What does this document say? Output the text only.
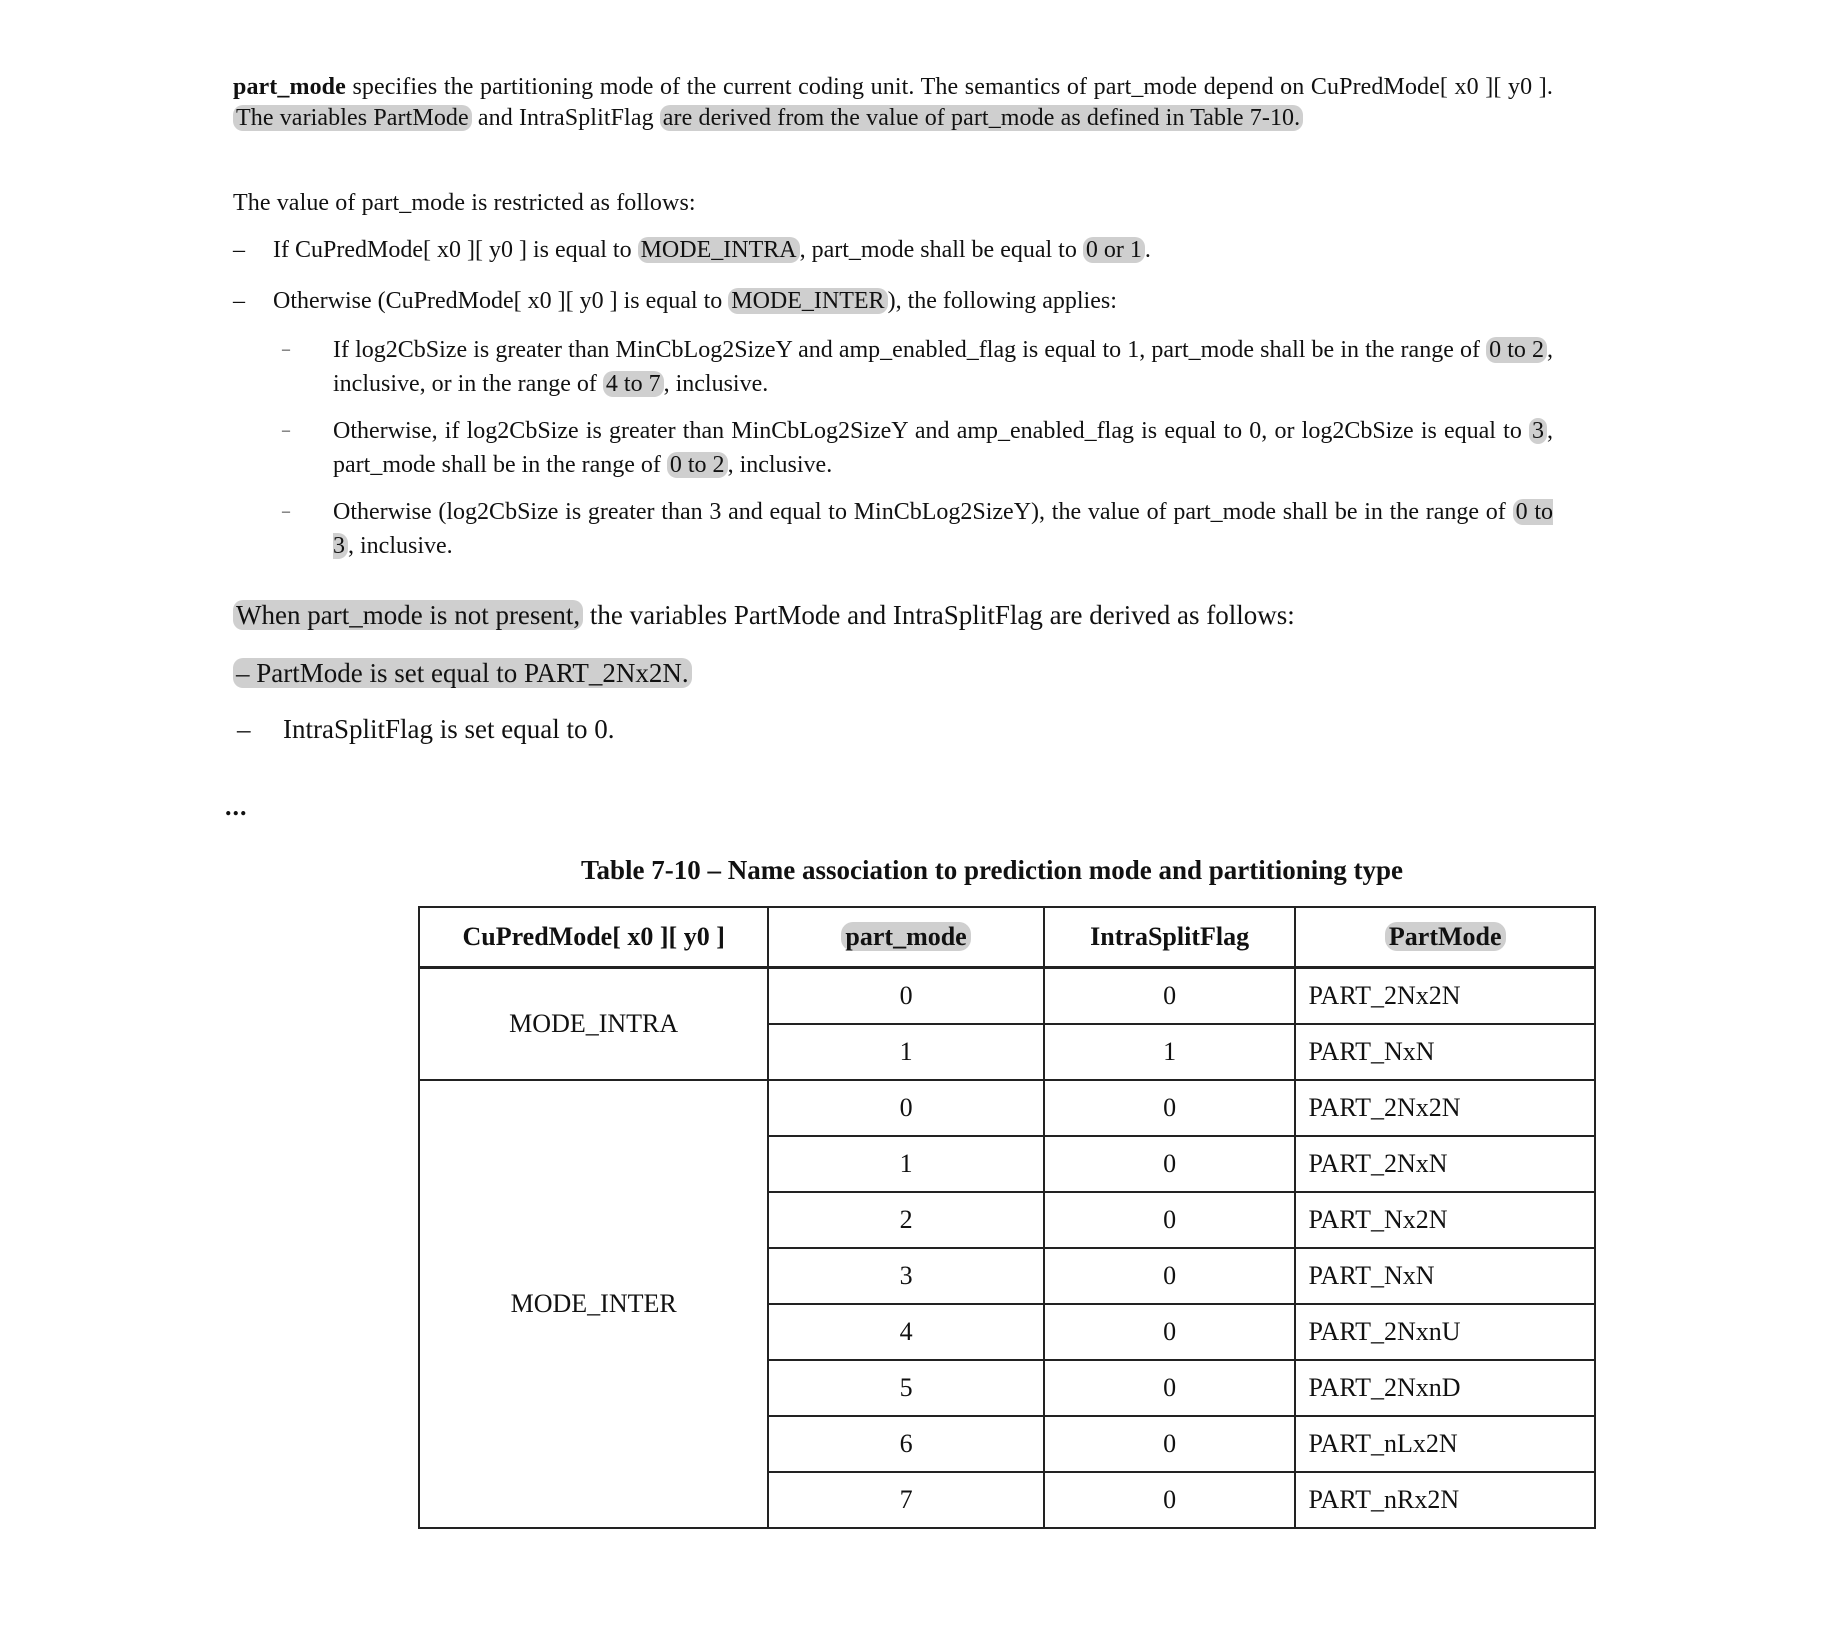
part_mode specifies the partitioning mode of the current coding unit. The semantics of part_mode depend on CuPredMode[ x0 ][ y0 ]. The variables PartMode and IntraSplitFlag are derived from the value of part_mode as defined in Table 7-10.
The value of part_mode is restricted as follows:
– If CuPredMode[ x0 ][ y0 ] is equal to MODE_INTRA , part_mode shall be equal to 0 or 1 .
– Otherwise (CuPredMode[ x0 ][ y0 ] is equal to MODE_INTER ), the following applies:
– If log2CbSize is greater than MinCbLog2SizeY and amp_enabled_flag is equal to 1, part_mode shall be in the range of 0 to 2 , inclusive, or in the range of 4 to 7 , inclusive.
– Otherwise, if log2CbSize is greater than MinCbLog2SizeY and amp_enabled_flag is equal to 0, or log2CbSize is equal to 3 , part_mode shall be in the range of 0 to 2 , inclusive.
– Otherwise (log2CbSize is greater than 3 and equal to MinCbLog2SizeY), the value of part_mode shall be in the range of 0 to 3 , inclusive.
When part_mode is not present, the variables PartMode and IntraSplitFlag are derived as follows:
– PartMode is set equal to PART_2Nx2N.
– IntraSplitFlag is set equal to 0.
...
Table 7-10 – Name association to prediction mode and partitioning type
CuPredMode[ x0 ][ y0 ]	part_mode	IntraSplitFlag	PartMode
MODE_INTRA	0	0	PART_2Nx2N
	1	1	PART_NxN
MODE_INTER	0	0	PART_2Nx2N
	1	0	PART_2NxN
	2	0	PART_Nx2N
	3	0	PART_NxN
	4	0	PART_2NxnU
	5	0	PART_2NxnD
	6	0	PART_nLx2N
	7	0	PART_nRx2N
